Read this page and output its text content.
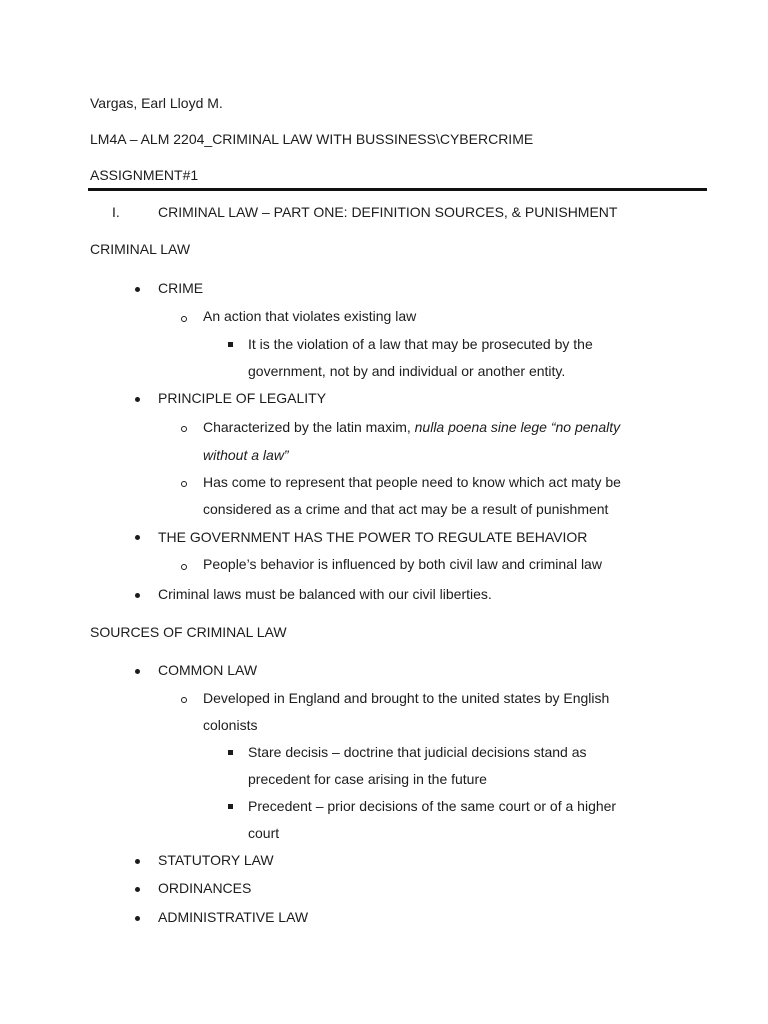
Vargas, Earl Lloyd M.
LM4A – ALM 2204_CRIMINAL LAW WITH BUSSINESS\CYBERCRIME
ASSIGNMENT#1
I.	CRIMINAL LAW – PART ONE: DEFINITION SOURCES, & PUNISHMENT
CRIMINAL LAW
CRIME
An action that violates existing law
It is the violation of a law that may be prosecuted by the
government, not by and individual or another entity.
PRINCIPLE OF LEGALITY
Characterized by the latin maxim, nulla poena sine lege “no penalty
without a law”
Has come to represent that people need to know which act maty be
considered as a crime and that act may be a result of punishment
THE GOVERNMENT HAS THE POWER TO REGULATE BEHAVIOR
People’s behavior is influenced by both civil law and criminal law
Criminal laws must be balanced with our civil liberties.
SOURCES OF CRIMINAL LAW
COMMON LAW
Developed in England and brought to the united states by English
colonists
Stare decisis – doctrine that judicial decisions stand as
precedent for case arising in the future
Precedent – prior decisions of the same court or of a higher
court
STATUTORY LAW
ORDINANCES
ADMINISTRATIVE LAW
